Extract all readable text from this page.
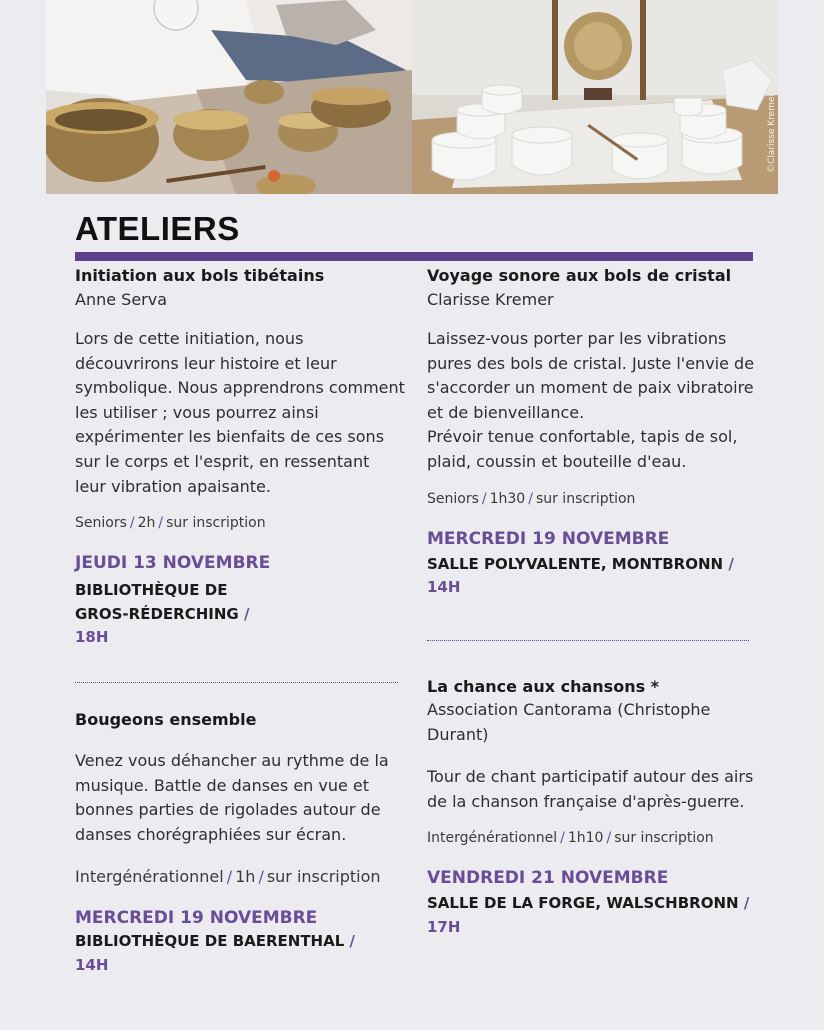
©Clarisse Kremer
ATELIERS
Initiation aux bols tibétains
Anne Serva
Lors de cette initiation, nous découvrirons leur histoire et leur symbolique. Nous apprendrons comment les utiliser ; vous pourrez ainsi expérimenter les bienfaits de ces sons sur le corps et l'esprit, en ressentant leur vibration apaisante.
Seniors / 2h / sur inscription
JEUDI 13 NOVEMBRE
BIBLIOTHÈQUE DE GROS-RÉDERCHING /
18H
Voyage sonore aux bols de cristal
Clarisse Kremer
Laissez-vous porter par les vibrations pures des bols de cristal. Juste l'envie de s'accorder un moment de paix vibratoire et de bienveillance.
Prévoir tenue confortable, tapis de sol, plaid, coussin et bouteille d'eau.
Seniors / 1h30 / sur inscription
MERCREDI 19 NOVEMBRE
SALLE POLYVALENTE, MONTBRONN /
14H
Bougeons ensemble
Venez vous déhancher au rythme de la musique. Battle de danses en vue et bonnes parties de rigolades autour de danses chorégraphiées sur écran.
Intergénérationnel / 1h / sur inscription
MERCREDI 19 NOVEMBRE
BIBLIOTHÈQUE DE BAERENTHAL /
14H
La chance aux chansons *
Association Cantorama (Christophe Durant)
Tour de chant participatif autour des airs de la chanson française d'après-guerre.
Intergénérationnel / 1h10 / sur inscription
VENDREDI 21 NOVEMBRE
SALLE DE LA FORGE, WALSCHBRONN /
17H
